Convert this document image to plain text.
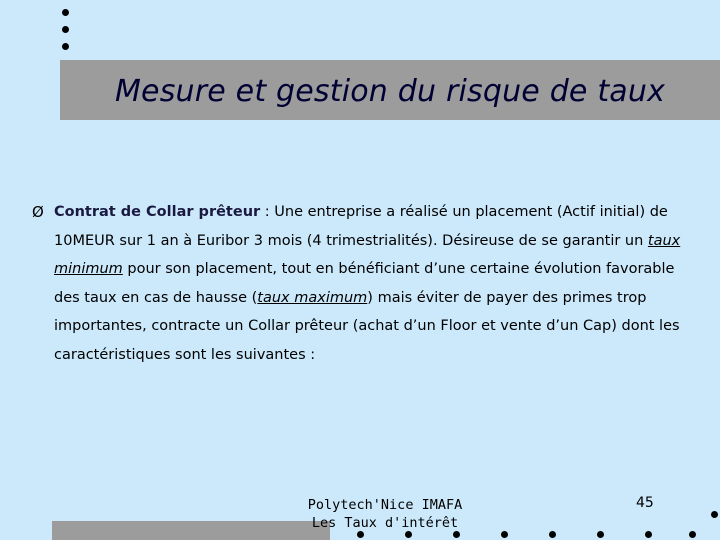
Mesure et gestion du risque de taux
Ø Contrat de Collar prêteur : Une entreprise a réalisé un placement (Actif initial) de 10MEUR sur 1 an à Euribor 3 mois (4 trimestrialités). Désireuse de se garantir un taux minimum pour son placement, tout en bénéficiant d’une certaine évolution favorable des taux en cas de hausse (taux maximum) mais éviter de payer des primes trop importantes, contracte un Collar prêteur (achat d’un Floor et vente d’un Cap) dont les caractéristiques sont les suivantes :
Polytech'Nice IMAFA
Les Taux d'intérêt
45
